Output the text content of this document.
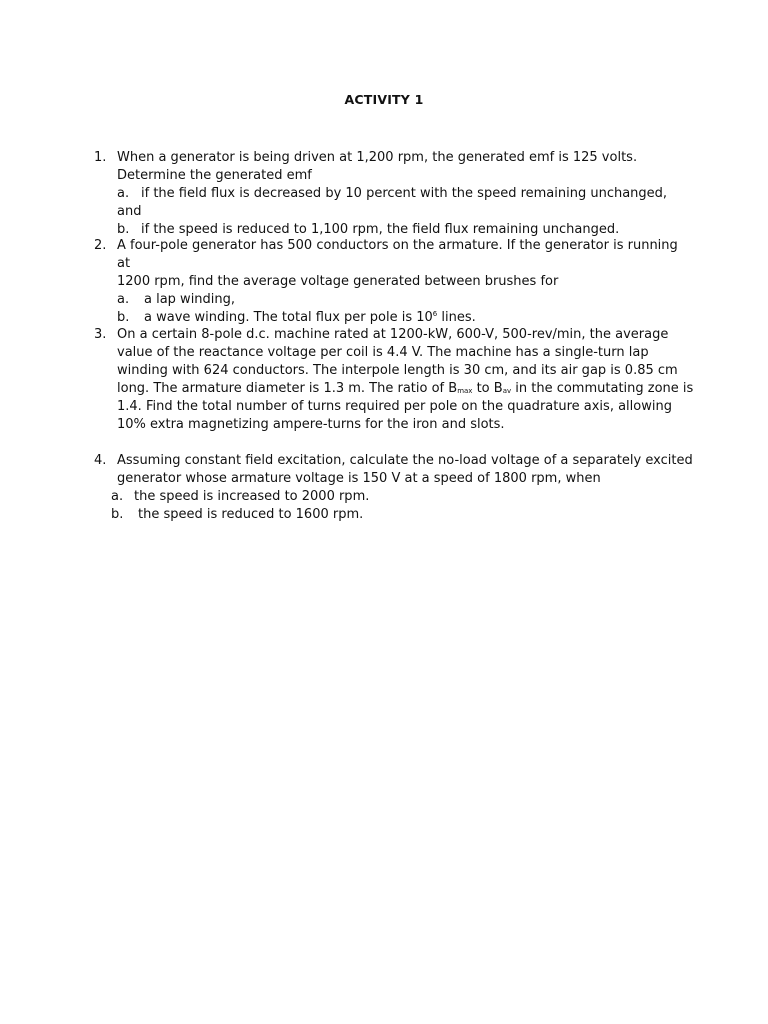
ACTIVITY 1
1. When a generator is being driven at 1,200 rpm, the generated emf is 125 volts.
Determine the generated emf
a. if the field flux is decreased by 10 percent with the speed remaining unchanged, and
b. if the speed is reduced to 1,100 rpm, the field flux remaining unchanged.
2. A four-pole generator has 500 conductors on the armature. If the generator is running at
1200 rpm, find the average voltage generated between brushes for
a. a lap winding,
b. a wave winding. The total flux per pole is $10^6$ lines.
3. On a certain 8-pole d.c. machine rated at 1200-kW, 600-V, 500-rev/min, the average
value of the reactance voltage per coil is 4.4 V. The machine has a single-turn lap
winding with 624 conductors. The interpole length is 30 cm, and its air gap is 0.85 cm
long. The armature diameter is 1.3 m. The ratio of $B_{max}$ to $B_{av}$ in the commutating zone is
1.4. Find the total number of turns required per pole on the quadrature axis, allowing
10% extra magnetizing ampere-turns for the iron and slots.
4. Assuming constant field excitation, calculate the no-load voltage of a separately excited
generator whose armature voltage is 150 V at a speed of 1800 rpm, when
a. the speed is increased to 2000 rpm.
b. the speed is reduced to 1600 rpm.
